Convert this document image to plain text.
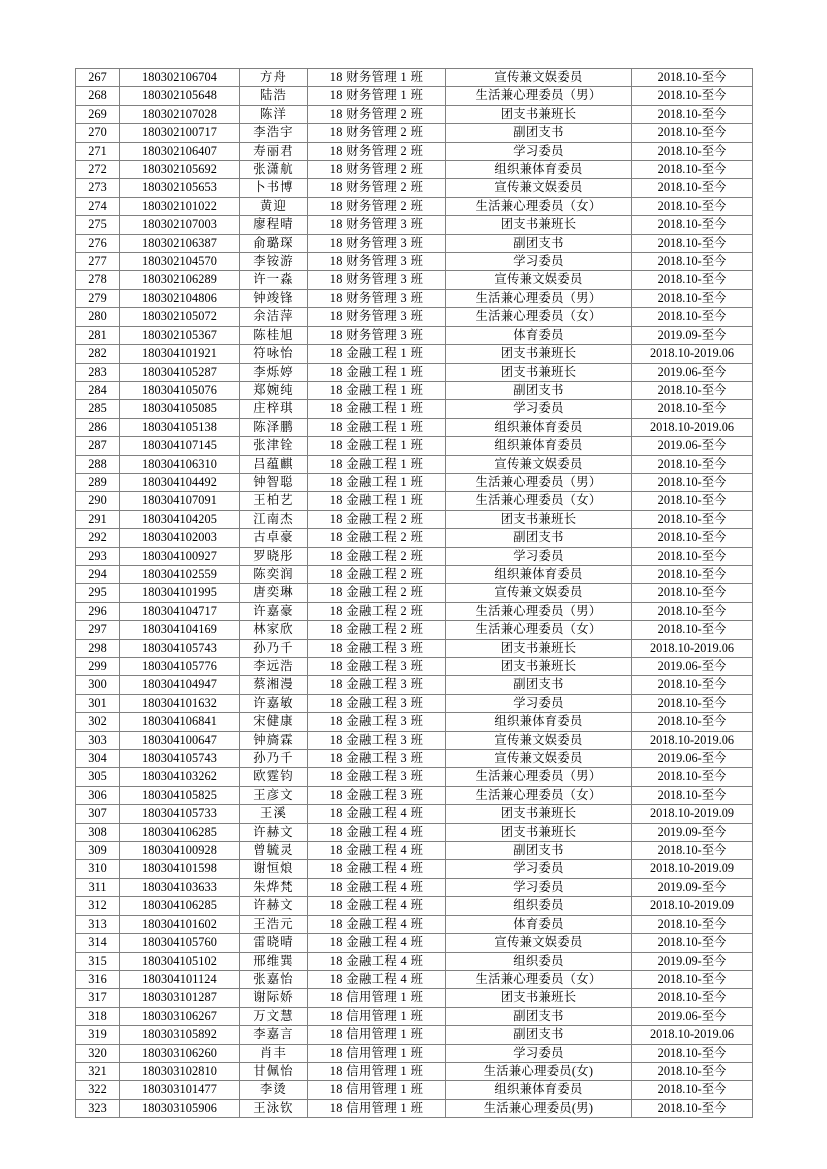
267	180302106704	方舟	18 财务管理 1 班	宣传兼文娱委员	2018.10-至今
268	180302105648	陆浩	18 财务管理 1 班	生活兼心理委员（男）	2018.10-至今
269	180302107028	陈洋	18 财务管理 2 班	团支书兼班长	2018.10-至今
270	180302100717	李浩宇	18 财务管理 2 班	副团支书	2018.10-至今
271	180302106407	寿丽君	18 财务管理 2 班	学习委员	2018.10-至今
272	180302105692	张潇航	18 财务管理 2 班	组织兼体育委员	2018.10-至今
273	180302105653	卜书博	18 财务管理 2 班	宣传兼文娱委员	2018.10-至今
274	180302101022	黄迎	18 财务管理 2 班	生活兼心理委员（女）	2018.10-至今
275	180302107003	廖程晴	18 财务管理 3 班	团支书兼班长	2018.10-至今
276	180302106387	俞璐琛	18 财务管理 3 班	副团支书	2018.10-至今
277	180302104570	李铵游	18 财务管理 3 班	学习委员	2018.10-至今
278	180302106289	许一淼	18 财务管理 3 班	宣传兼文娱委员	2018.10-至今
279	180302104806	钟竣锋	18 财务管理 3 班	生活兼心理委员（男）	2018.10-至今
280	180302105072	余洁萍	18 财务管理 3 班	生活兼心理委员（女）	2018.10-至今
281	180302105367	陈桂旭	18 财务管理 3 班	体育委员	2019.09-至今
282	180304101921	符咏怡	18 金融工程 1 班	团支书兼班长	2018.10-2019.06
283	180304105287	李烁婷	18 金融工程 1 班	团支书兼班长	2019.06-至今
284	180304105076	郑婉纯	18 金融工程 1 班	副团支书	2018.10-至今
285	180304105085	庄梓琪	18 金融工程 1 班	学习委员	2018.10-至今
286	180304105138	陈泽鹏	18 金融工程 1 班	组织兼体育委员	2018.10-2019.06
287	180304107145	张津铨	18 金融工程 1 班	组织兼体育委员	2019.06-至今
288	180304106310	吕蕴麒	18 金融工程 1 班	宣传兼文娱委员	2018.10-至今
289	180304104492	钟智聪	18 金融工程 1 班	生活兼心理委员（男）	2018.10-至今
290	180304107091	王柏艺	18 金融工程 1 班	生活兼心理委员（女）	2018.10-至今
291	180304104205	江南杰	18 金融工程 2 班	团支书兼班长	2018.10-至今
292	180304102003	古卓豪	18 金融工程 2 班	副团支书	2018.10-至今
293	180304100927	罗晓彤	18 金融工程 2 班	学习委员	2018.10-至今
294	180304102559	陈奕润	18 金融工程 2 班	组织兼体育委员	2018.10-至今
295	180304101995	唐奕琳	18 金融工程 2 班	宣传兼文娱委员	2018.10-至今
296	180304104717	许嘉豪	18 金融工程 2 班	生活兼心理委员（男）	2018.10-至今
297	180304104169	林家欣	18 金融工程 2 班	生活兼心理委员（女）	2018.10-至今
298	180304105743	孙乃千	18 金融工程 3 班	团支书兼班长	2018.10-2019.06
299	180304105776	李远浩	18 金融工程 3 班	团支书兼班长	2019.06-至今
300	180304104947	蔡湘漫	18 金融工程 3 班	副团支书	2018.10-至今
301	180304101632	许嘉敏	18 金融工程 3 班	学习委员	2018.10-至今
302	180304106841	宋健康	18 金融工程 3 班	组织兼体育委员	2018.10-至今
303	180304100647	钟旖霖	18 金融工程 3 班	宣传兼文娱委员	2018.10-2019.06
304	180304105743	孙乃千	18 金融工程 3 班	宣传兼文娱委员	2019.06-至今
305	180304103262	欧霆钧	18 金融工程 3 班	生活兼心理委员（男）	2018.10-至今
306	180304105825	王彦文	18 金融工程 3 班	生活兼心理委员（女）	2018.10-至今
307	180304105733	王溪	18 金融工程 4 班	团支书兼班长	2018.10-2019.09
308	180304106285	许赫文	18 金融工程 4 班	团支书兼班长	2019.09-至今
309	180304100928	曾毓灵	18 金融工程 4 班	副团支书	2018.10-至今
310	180304101598	谢恒烺	18 金融工程 4 班	学习委员	2018.10-2019.09
311	180304103633	朱烨梵	18 金融工程 4 班	学习委员	2019.09-至今
312	180304106285	许赫文	18 金融工程 4 班	组织委员	2018.10-2019.09
313	180304101602	王浩元	18 金融工程 4 班	体育委员	2018.10-至今
314	180304105760	雷晓晴	18 金融工程 4 班	宣传兼文娱委员	2018.10-至今
315	180304105102	邢维巽	18 金融工程 4 班	组织委员	2019.09-至今
316	180304101124	张嘉怡	18 金融工程 4 班	生活兼心理委员（女）	2018.10-至今
317	180303101287	谢际娇	18 信用管理 1 班	团支书兼班长	2018.10-至今
318	180303106267	万文慧	18 信用管理 1 班	副团支书	2019.06-至今
319	180303105892	李嘉言	18 信用管理 1 班	副团支书	2018.10-2019.06
320	180303106260	肖丰	18 信用管理 1 班	学习委员	2018.10-至今
321	180303102810	甘佩怡	18 信用管理 1 班	生活兼心理委员(女)	2018.10-至今
322	180303101477	李烫	18 信用管理 1 班	组织兼体育委员	2018.10-至今
323	180303105906	王泳钦	18 信用管理 1 班	生活兼心理委员(男)	2018.10-至今
